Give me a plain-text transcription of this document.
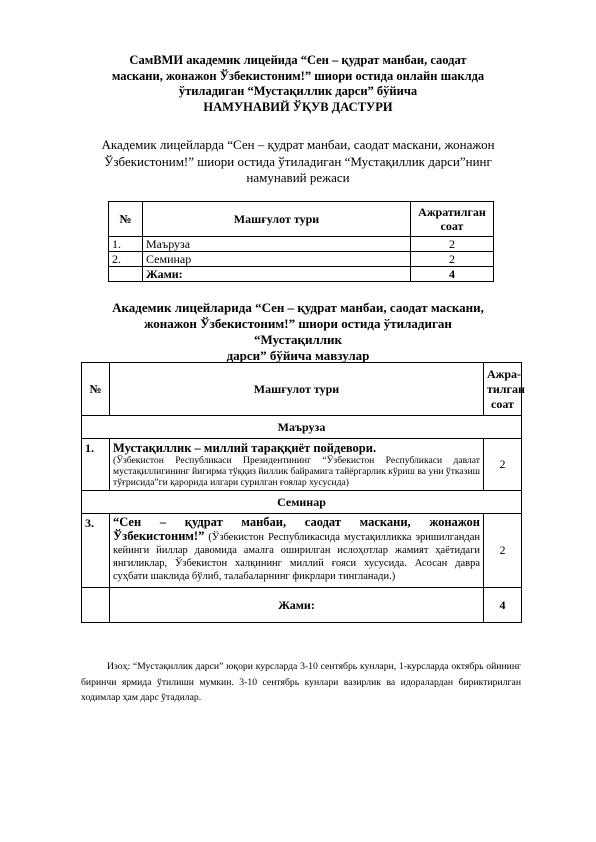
СамВМИ академик лицейида “Сен – қудрат манбаи, саодат
маскани, жонажон Ўзбекистоним!” шиори остида онлайн шаклда
ўтиладиган “Мустақиллик дарси” бўйича
НАМУНАВИЙ ЎҚУВ ДАСТУРИ
Академик лицейларда “Сен – қудрат манбаи, саодат маскани, жонажон
Ўзбекистоним!” шиори остида ўтиладиган “Мустақиллик дарси”нинг
намунавий режаси
№	Машғулот тури	Ажратилган соат
1.	Маъруза	2
2.	Семинар	2
	Жами:	4
Академик лицейларида “Сен – қудрат манбаи, саодат маскани,
жонажон Ўзбекистоним!” шиори остида ўтиладиган “Мустақиллик
дарси” бўйича мавзулар
№	Машғулот тури	Ажра-
тилган
соат

Маъруза		
1.	Мустақиллик – миллий тараққиёт пойдевори.
(Ўзбекистон Республикаси Президентининг “Ўзбекистон Республикаси давлат мустақиллигининг йигирма тўққиз йиллик байрамига тайёргарлик кўриш ва уни ўтказиш тўғрисида”ги қарорида илгари сурилган ғоялар хусусида)	2
Семинар		
3.	“Сен – қудрат манбаи, саодат маскани, жонажон Ўзбекистоним!” (Ўзбекистон Республикасида мустақилликка эришилгандан кейинги йиллар давомида амалга оширилган ислоҳотлар жамият ҳаётидаги янгиликлар, Ўзбекистон халқининг миллий ғояси хусусида. Асосан давра суҳбати шаклида бўлиб, талабаларнинг фикрлари тингланади.)	2
	Жами:	4
Изоҳ: “Мустақиллик дарси” юқори курсларда 3-10 сентябрь кунлари, 1-курсларда октябрь ойининг биринчи ярмида ўтилиши мумкин. 3-10 сентябрь кунлари вазирлик ва идоралардан бириктирилган ходимлар ҳам дарс ўтадилар.
